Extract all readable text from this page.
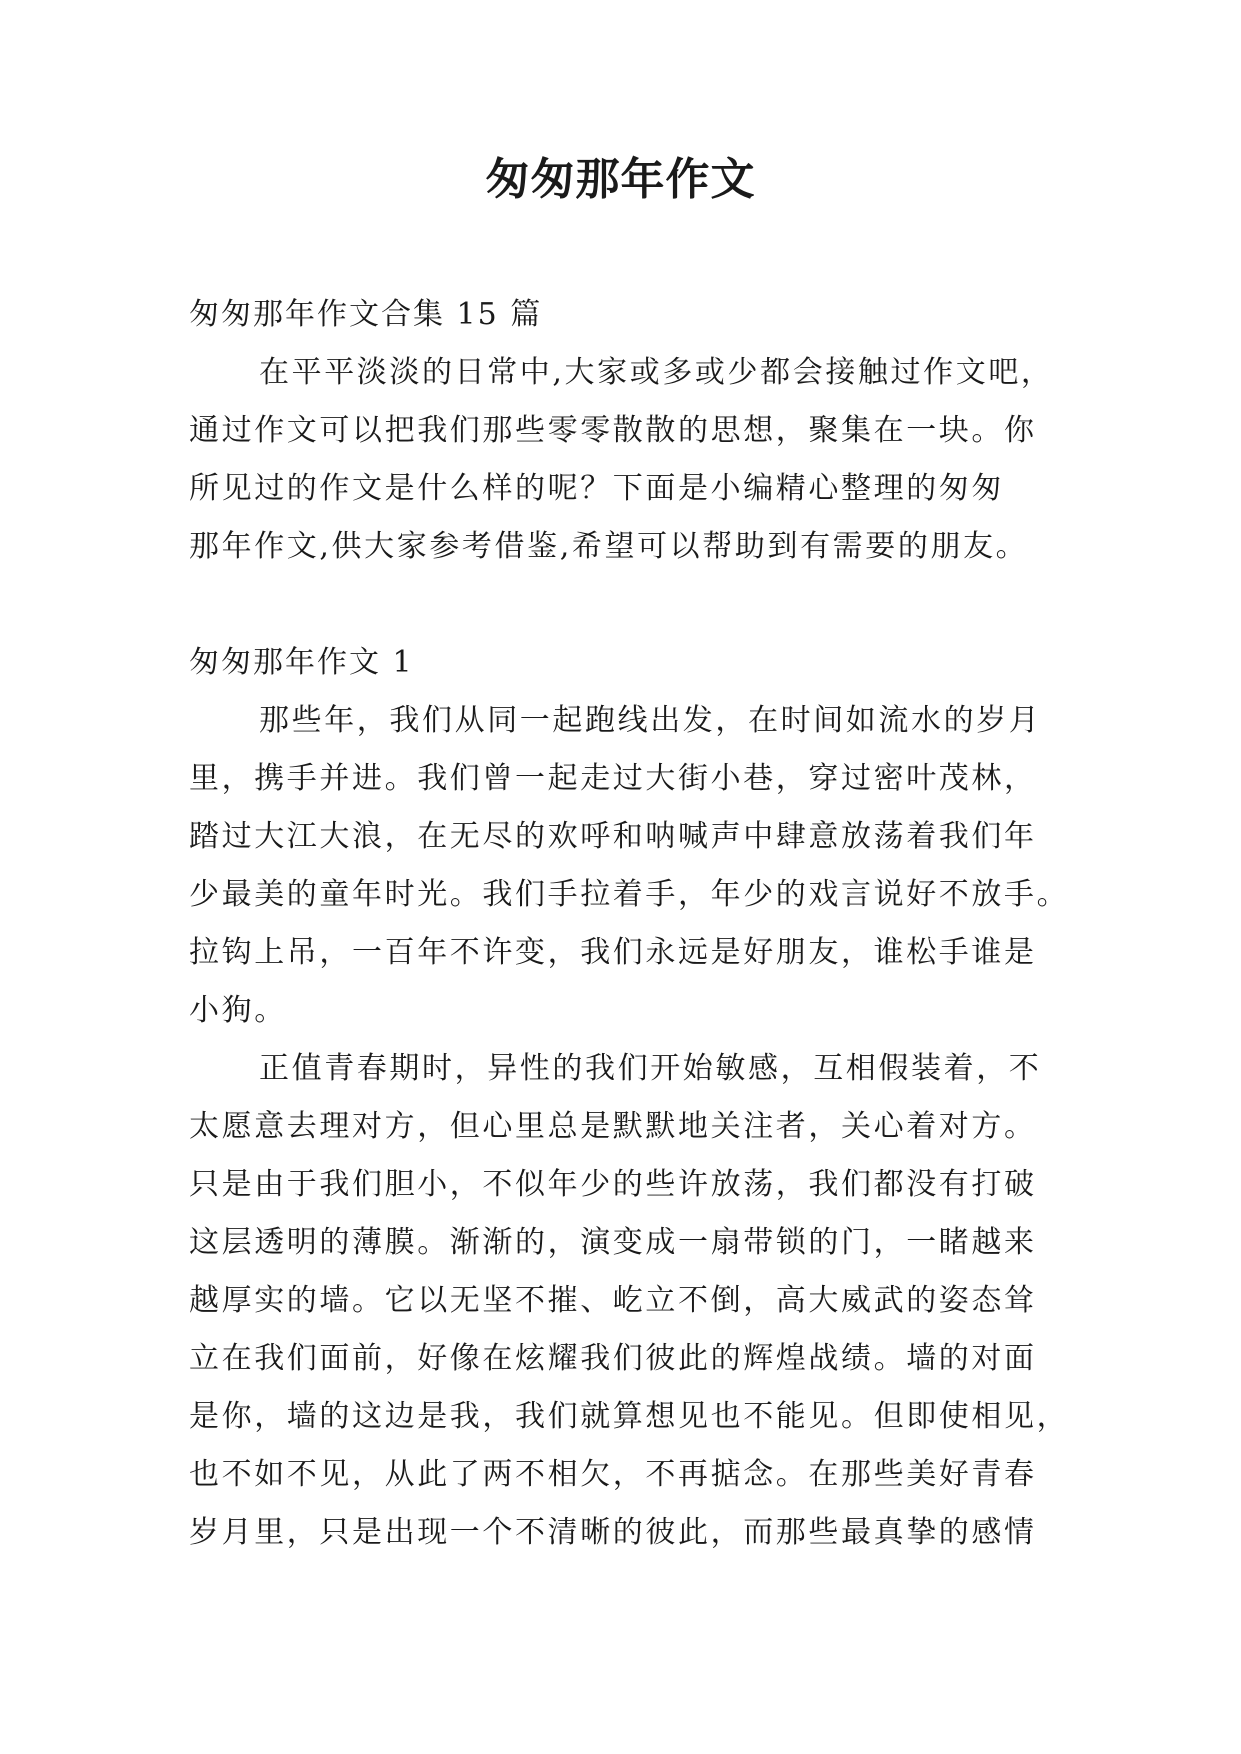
匆匆那年作文
匆匆那年作文合集 15 篇
在平平淡淡的日常中,大家或多或少都会接触过作文吧，
通过作文可以把我们那些零零散散的思想，聚集在一块。你
所见过的作文是什么样的呢？下面是小编精心整理的匆匆
那年作文,供大家参考借鉴,希望可以帮助到有需要的朋友。
匆匆那年作文 1
那些年，我们从同一起跑线出发，在时间如流水的岁月
里，携手并进。我们曾一起走过大街小巷，穿过密叶茂林，
踏过大江大浪，在无尽的欢呼和呐喊声中肆意放荡着我们年
少最美的童年时光。我们手拉着手，年少的戏言说好不放手。
拉钩上吊，一百年不许变，我们永远是好朋友，谁松手谁是
小狗。
正值青春期时，异性的我们开始敏感，互相假装着，不
太愿意去理对方，但心里总是默默地关注者，关心着对方。
只是由于我们胆小，不似年少的些许放荡，我们都没有打破
这层透明的薄膜。渐渐的，演变成一扇带锁的门，一睹越来
越厚实的墙。它以无坚不摧、屹立不倒，高大威武的姿态耸
立在我们面前，好像在炫耀我们彼此的辉煌战绩。墙的对面
是你，墙的这边是我，我们就算想见也不能见。但即使相见，
也不如不见，从此了两不相欠，不再掂念。在那些美好青春
岁月里，只是出现一个不清晰的彼此，而那些最真挚的感情
